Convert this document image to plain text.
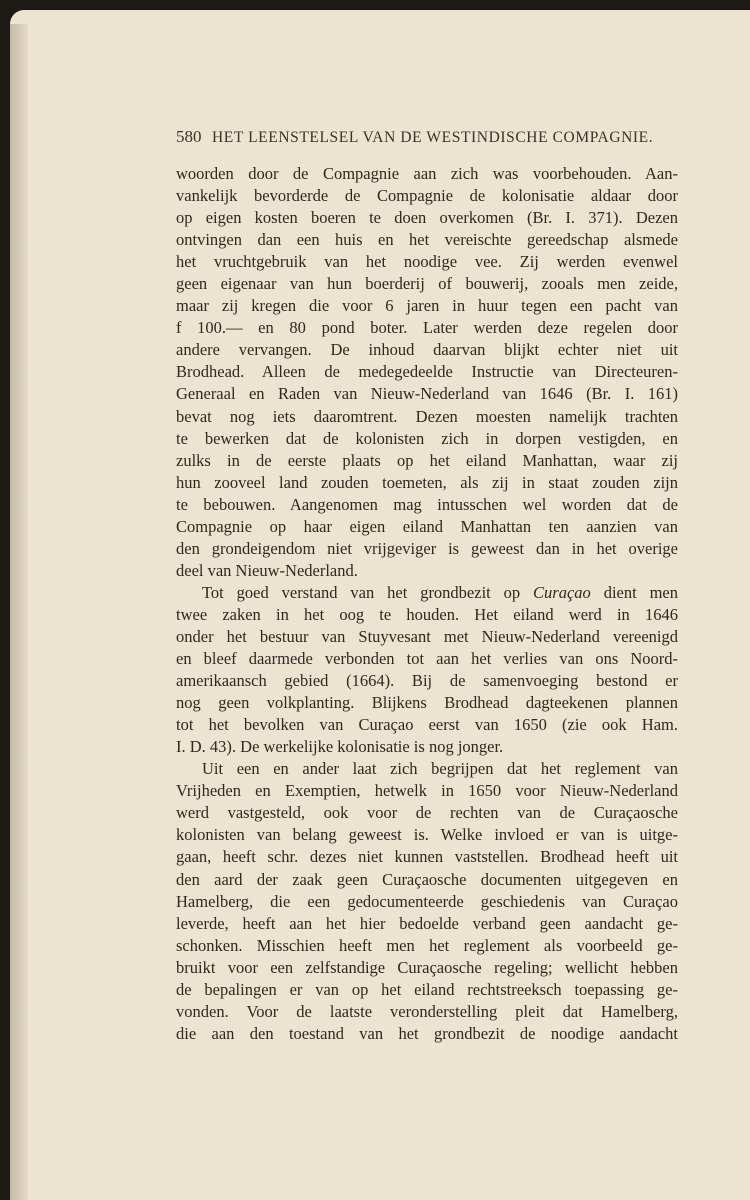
580 HET LEENSTELSEL VAN DE WESTINDISCHE COMPAGNIE.
woorden door de Compagnie aan zich was voorbehouden. Aan-
vankelijk bevorderde de Compagnie de kolonisatie aldaar door
op eigen kosten boeren te doen overkomen (Br. I. 371). Dezen
ontvingen dan een huis en het vereischte gereedschap alsmede
het vruchtgebruik van het noodige vee. Zij werden evenwel
geen eigenaar van hun boerderij of bouwerij, zooals men zeide,
maar zij kregen die voor 6 jaren in huur tegen een pacht van
f 100.— en 80 pond boter. Later werden deze regelen door
andere vervangen. De inhoud daarvan blijkt echter niet uit
Brodhead. Alleen de medegedeelde Instructie van Directeuren-
Generaal en Raden van Nieuw-Nederland van 1646 (Br. I. 161)
bevat nog iets daaromtrent. Dezen moesten namelijk trachten
te bewerken dat de kolonisten zich in dorpen vestigden, en
zulks in de eerste plaats op het eiland Manhattan, waar zij
hun zooveel land zouden toemeten, als zij in staat zouden zijn
te bebouwen. Aangenomen mag intusschen wel worden dat de
Compagnie op haar eigen eiland Manhattan ten aanzien van
den grondeigendom niet vrijgeviger is geweest dan in het overige
deel van Nieuw-Nederland.
Tot goed verstand van het grondbezit op Curaçao dient men
twee zaken in het oog te houden. Het eiland werd in 1646
onder het bestuur van Stuyvesant met Nieuw-Nederland vereenigd
en bleef daarmede verbonden tot aan het verlies van ons Noord-
amerikaansch gebied (1664). Bij de samenvoeging bestond er
nog geen volkplanting. Blijkens Brodhead dagteekenen plannen
tot het bevolken van Curaçao eerst van 1650 (zie ook Ham.
I. D. 43). De werkelijke kolonisatie is nog jonger.
Uit een en ander laat zich begrijpen dat het reglement van
Vrijheden en Exemptien, hetwelk in 1650 voor Nieuw-Nederland
werd vastgesteld, ook voor de rechten van de Curaçaosche
kolonisten van belang geweest is. Welke invloed er van is uitge-
gaan, heeft schr. dezes niet kunnen vaststellen. Brodhead heeft uit
den aard der zaak geen Curaçaosche documenten uitgegeven en
Hamelberg, die een gedocumenteerde geschiedenis van Curaçao
leverde, heeft aan het hier bedoelde verband geen aandacht ge-
schonken. Misschien heeft men het reglement als voorbeeld ge-
bruikt voor een zelfstandige Curaçaosche regeling; wellicht hebben
de bepalingen er van op het eiland rechtstreeksch toepassing ge-
vonden. Voor de laatste veronderstelling pleit dat Hamelberg,
die aan den toestand van het grondbezit de noodige aandacht
